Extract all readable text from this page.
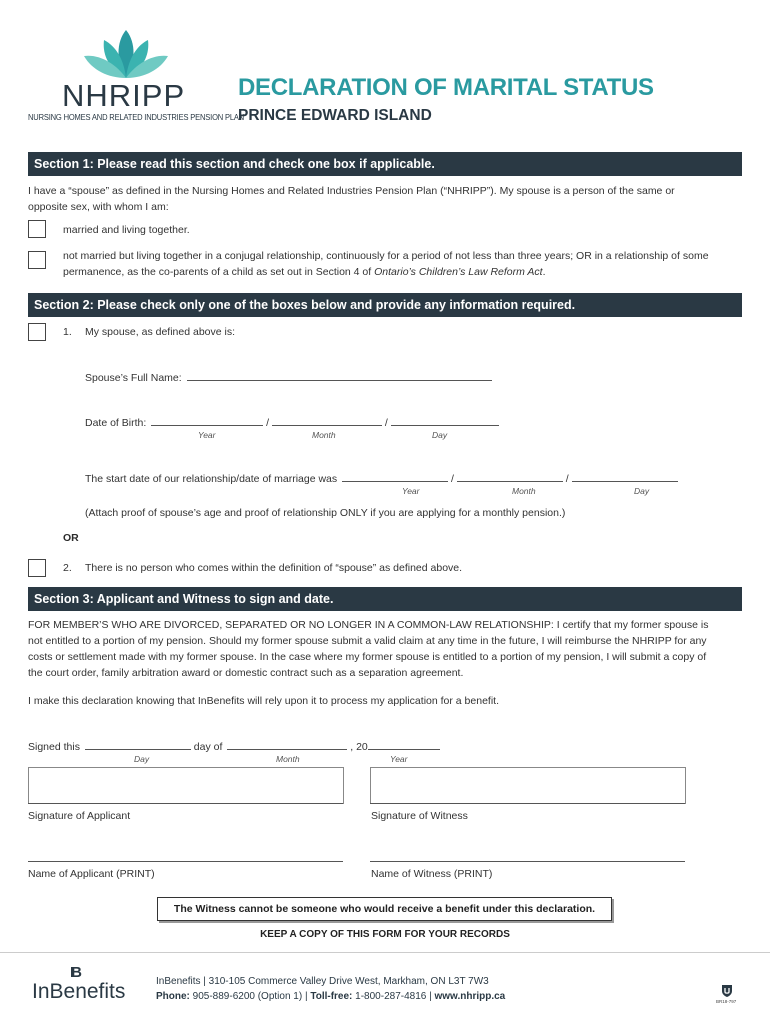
NHRIPP
NURSING HOMES AND RELATED INDUSTRIES PENSION PLAN
DECLARATION OF MARITAL STATUS
PRINCE EDWARD ISLAND
Section 1: Please read this section and check one box if applicable.
I have a “spouse” as defined in the Nursing Homes and Related Industries Pension Plan (“NHRIPP”). My spouse is a person of the same or
opposite sex, with whom I am:
married and living together.
not married but living together in a conjugal relationship, continuously for a period of not less than three years; OR in a relationship of some
permanence, as the co-parents of a child as set out in Section 4 of Ontario’s Children’s Law Reform Act.
Section 2: Please check only one of the boxes below and provide any information required.
1. My spouse, as defined above is:
Spouse’s Full Name:
Date of Birth:	/	/
Year	Month	Day
The start date of our relationship/date of marriage was	/	/
Year	Month	Day
(Attach proof of spouse’s age and proof of relationship ONLY if you are applying for a monthly pension.)
OR
2. There is no person who comes within the definition of “spouse” as defined above.
Section 3: Applicant and Witness to sign and date.
FOR MEMBER’S WHO ARE DIVORCED, SEPARATED OR NO LONGER IN A COMMON-LAW RELATIONSHIP: I certify that my former spouse is
not entitled to a portion of my pension. Should my former spouse submit a valid claim at any time in the future, I will reimburse the NHRIPP for any
costs or settlement made with my former spouse. In the case where my former spouse is entitled to a portion of my pension, I will submit a copy of
the court order, family arbitration award or domestic contract such as a separation agreement.
I make this declaration knowing that InBenefits will rely upon it to process my application for a benefit.
Signed this	day of	, 20
Day	Month	Year
Signature of Applicant	Signature of Witness
Name of Applicant (PRINT)	Name of Witness (PRINT)
The Witness cannot be someone who would receive a benefit under this declaration.
KEEP A COPY OF THIS FORM FOR YOUR RECORDS
IB
InBenefits	InBenefits | 310-105 Commerce Valley Drive West, Markham, ON L3T 7W3
Phone: 905-889-6200 (Option 1) | Toll-free: 1-800-287-4816 | www.nhripp.ca	BR18-797
